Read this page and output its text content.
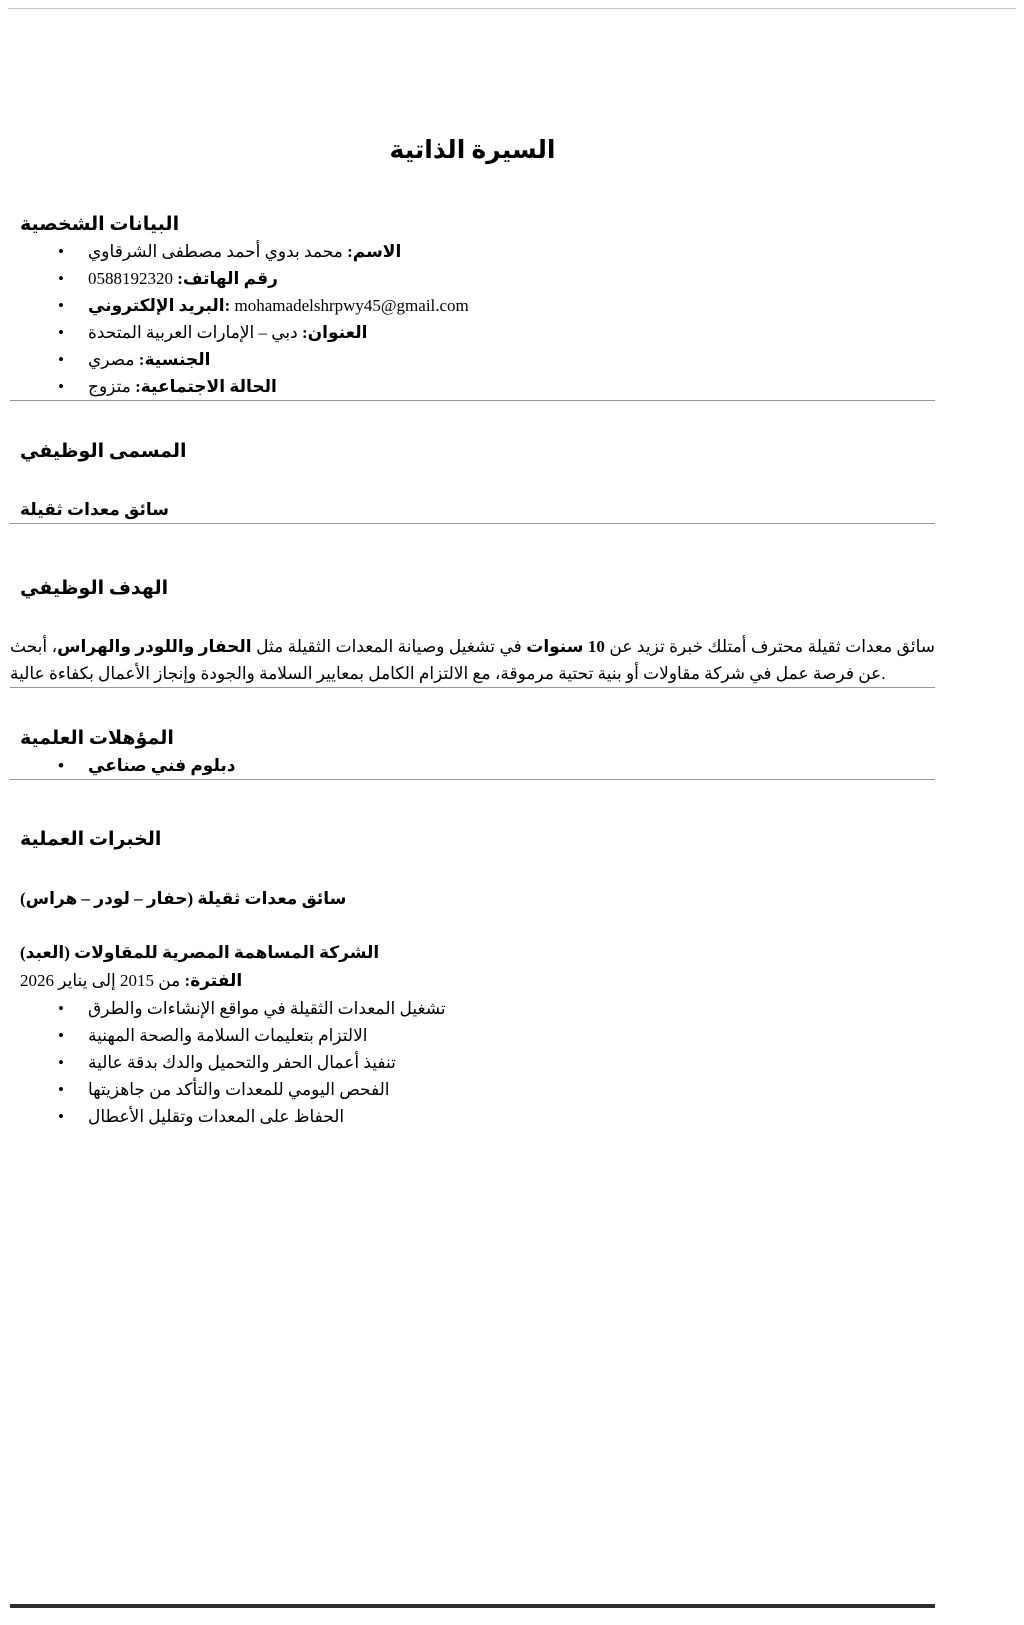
السيرة الذاتية
البيانات الشخصية
• الاسم: محمد بدوي أحمد مصطفى الشرقاوي
• رقم الهاتف: 0588192320
• البريد الإلكتروني: mohamadelshrpwy45@gmail.com
• العنوان: دبي – الإمارات العربية المتحدة
• الجنسية: مصري
• الحالة الاجتماعية: متزوج
المسمى الوظيفي
سائق معدات ثقيلة
الهدف الوظيفي

سائق معدات ثقيلة محترف أمتلك خبرة تزيد عن 10 سنوات في تشغيل وصيانة المعدات الثقيلة مثل الحفار واللودر والهراس، أبحث عن فرصة عمل في شركة مقاولات أو بنية تحتية مرموقة، مع الالتزام الكامل بمعايير السلامة والجودة وإنجاز الأعمال بكفاءة عالية.

المؤهلات العلمية
• دبلوم فني صناعي
الخبرات العملية
سائق معدات ثقيلة (حفار – لودر – هراس)
الشركة المساهمة المصرية للمقاولات (العبد)
الفترة: من 2015 إلى يناير 2026
• تشغيل المعدات الثقيلة في مواقع الإنشاءات والطرق
• الالتزام بتعليمات السلامة والصحة المهنية
• تنفيذ أعمال الحفر والتحميل والدك بدقة عالية
• الفحص اليومي للمعدات والتأكد من جاهزيتها
• الحفاظ على المعدات وتقليل الأعطال
